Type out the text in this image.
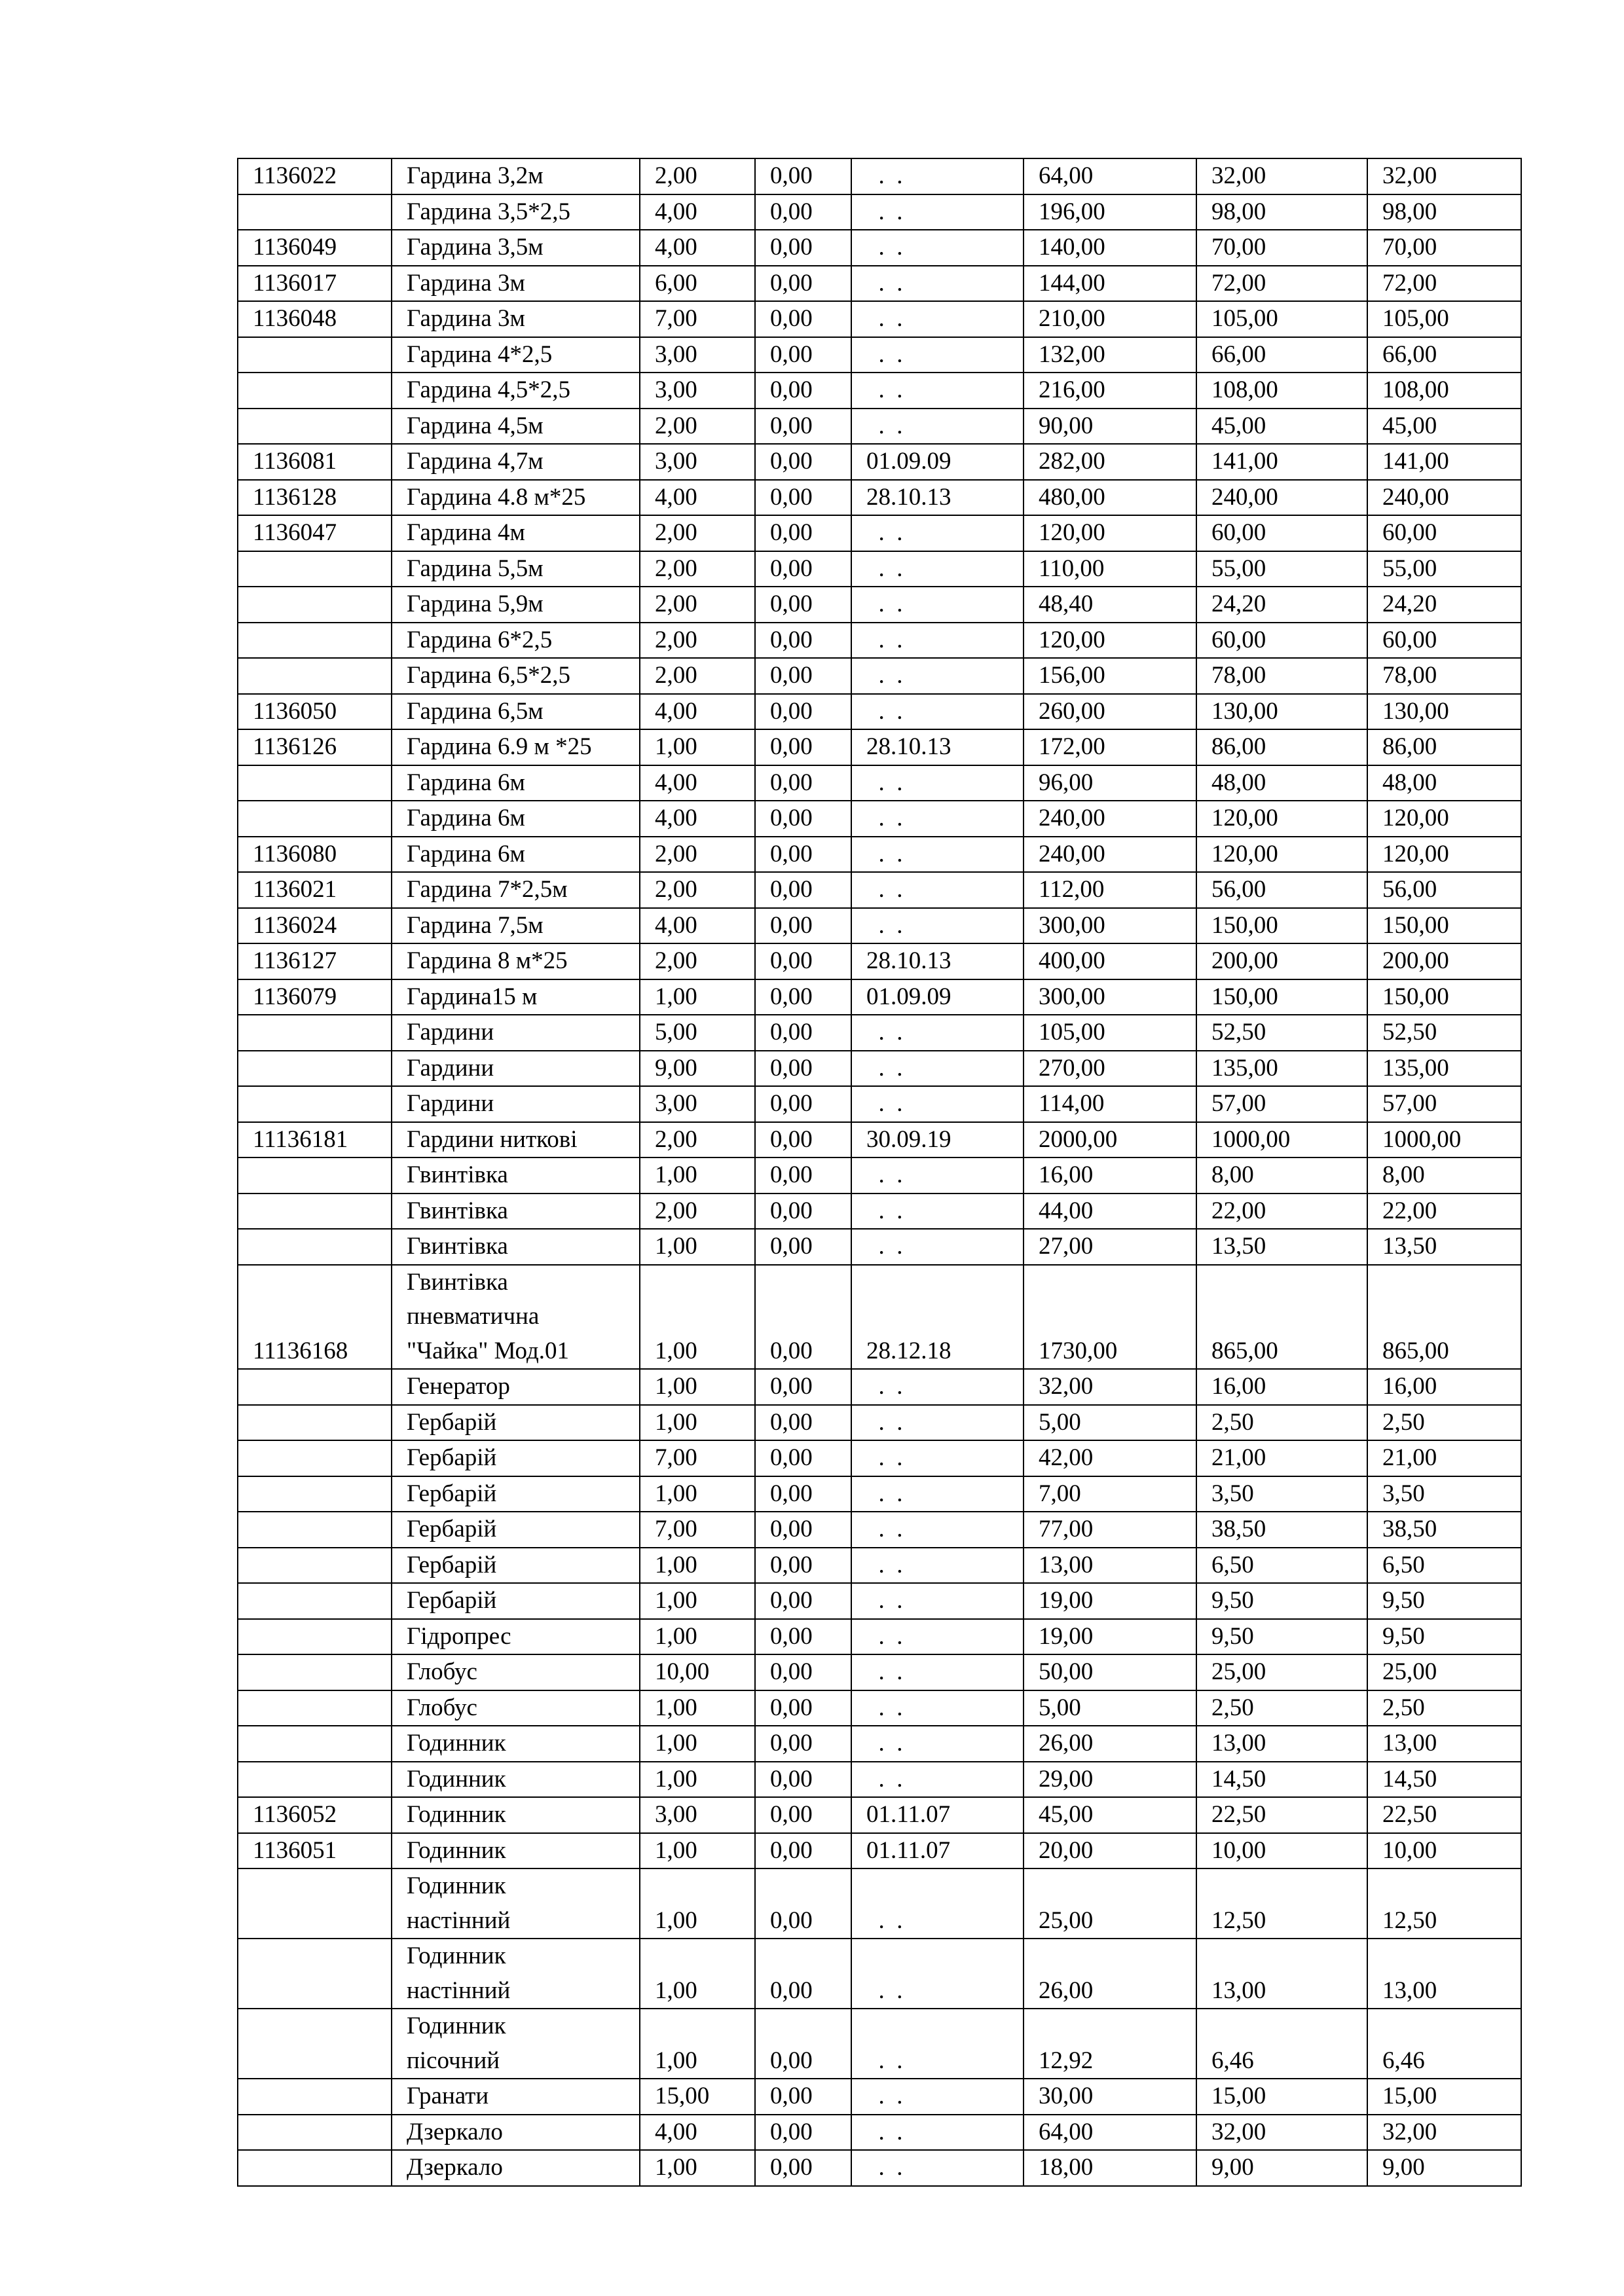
1136022	Гардина 3,2м	2,00	0,00	.  .	64,00	32,00	32,00
	Гардина 3,5*2,5	4,00	0,00	.  .	196,00	98,00	98,00
1136049	Гардина 3,5м	4,00	0,00	.  .	140,00	70,00	70,00
1136017	Гардина 3м	6,00	0,00	.  .	144,00	72,00	72,00
1136048	Гардина 3м	7,00	0,00	.  .	210,00	105,00	105,00
	Гардина 4*2,5	3,00	0,00	.  .	132,00	66,00	66,00
	Гардина 4,5*2,5	3,00	0,00	.  .	216,00	108,00	108,00
	Гардина 4,5м	2,00	0,00	.  .	90,00	45,00	45,00
1136081	Гардина 4,7м	3,00	0,00	01.09.09	282,00	141,00	141,00
1136128	Гардина 4.8 м*25	4,00	0,00	28.10.13	480,00	240,00	240,00
1136047	Гардина 4м	2,00	0,00	.  .	120,00	60,00	60,00
	Гардина 5,5м	2,00	0,00	.  .	110,00	55,00	55,00
	Гардина 5,9м	2,00	0,00	.  .	48,40	24,20	24,20
	Гардина 6*2,5	2,00	0,00	.  .	120,00	60,00	60,00
	Гардина 6,5*2,5	2,00	0,00	.  .	156,00	78,00	78,00
1136050	Гардина 6,5м	4,00	0,00	.  .	260,00	130,00	130,00
1136126	Гардина 6.9 м *25	1,00	0,00	28.10.13	172,00	86,00	86,00
	Гардина 6м	4,00	0,00	.  .	96,00	48,00	48,00
	Гардина 6м	4,00	0,00	.  .	240,00	120,00	120,00
1136080	Гардина 6м	2,00	0,00	.  .	240,00	120,00	120,00
1136021	Гардина 7*2,5м	2,00	0,00	.  .	112,00	56,00	56,00
1136024	Гардина 7,5м	4,00	0,00	.  .	300,00	150,00	150,00
1136127	Гардина 8 м*25	2,00	0,00	28.10.13	400,00	200,00	200,00
1136079	Гардина15 м	1,00	0,00	01.09.09	300,00	150,00	150,00
	Гардини	5,00	0,00	.  .	105,00	52,50	52,50
	Гардини	9,00	0,00	.  .	270,00	135,00	135,00
	Гардини	3,00	0,00	.  .	114,00	57,00	57,00
11136181	Гардини ниткові	2,00	0,00	30.09.19	2000,00	1000,00	1000,00
	Гвинтівка	1,00	0,00	.  .	16,00	8,00	8,00
	Гвинтівка	2,00	0,00	.  .	44,00	22,00	22,00
	Гвинтівка	1,00	0,00	.  .	27,00	13,50	13,50
11136168	Гвинтівка
пневматична
"Чайка" Мод.01	1,00	0,00	28.12.18	1730,00	865,00	865,00
	Генератор	1,00	0,00	.  .	32,00	16,00	16,00
	Гербарій	1,00	0,00	.  .	5,00	2,50	2,50
	Гербарій	7,00	0,00	.  .	42,00	21,00	21,00
	Гербарій	1,00	0,00	.  .	7,00	3,50	3,50
	Гербарій	7,00	0,00	.  .	77,00	38,50	38,50
	Гербарій	1,00	0,00	.  .	13,00	6,50	6,50
	Гербарій	1,00	0,00	.  .	19,00	9,50	9,50
	Гідропрес	1,00	0,00	.  .	19,00	9,50	9,50
	Глобус	10,00	0,00	.  .	50,00	25,00	25,00
	Глобус	1,00	0,00	.  .	5,00	2,50	2,50
	Годинник	1,00	0,00	.  .	26,00	13,00	13,00
	Годинник	1,00	0,00	.  .	29,00	14,50	14,50
1136052	Годинник	3,00	0,00	01.11.07	45,00	22,50	22,50
1136051	Годинник	1,00	0,00	01.11.07	20,00	10,00	10,00
	Годинник
настінний	1,00	0,00	.  .	25,00	12,50	12,50
	Годинник
настінний	1,00	0,00	.  .	26,00	13,00	13,00
	Годинник
пісочний	1,00	0,00	.  .	12,92	6,46	6,46
	Гранати	15,00	0,00	.  .	30,00	15,00	15,00
	Дзеркало	4,00	0,00	.  .	64,00	32,00	32,00
	Дзеркало	1,00	0,00	.  .	18,00	9,00	9,00
